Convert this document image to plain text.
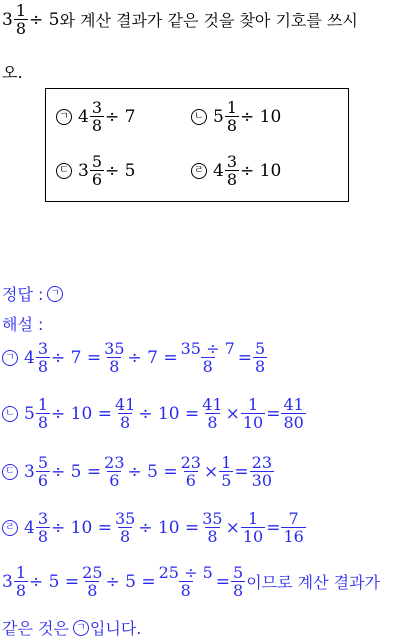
$3 \frac{1}{8} \div 5$ 와 계산 결과가 같은 것을 찾아 기호를 쓰시
오.
ㄱ $4 \frac{3}{8} \div 7$	ㄴ $5 \frac{1}{8} \div 10$
ㄷ $3 \frac{5}{6} \div 5$	ㄹ $4 \frac{3}{8} \div 10$
정답 : ㄱ
해설 :
ㄱ $4 \frac{3}{8} \div 7 = \frac{35}{8} \div 7 = \frac{35 \div 7}{8} = \frac{5}{8}$
ㄴ $5 \frac{1}{8} \div 10 = \frac{41}{8} \div 10 = \frac{41}{8} \times \frac{1}{10} = \frac{41}{80}$
ㄷ $3 \frac{5}{6} \div 5 = \frac{23}{6} \div 5 = \frac{23}{6} \times \frac{1}{5} = \frac{23}{30}$
ㄹ $4 \frac{3}{8} \div 10 = \frac{35}{8} \div 10 = \frac{35}{8} \times \frac{1}{10} = \frac{7}{16}$
$3 \frac{1}{8} \div 5 = \frac{25}{8} \div 5 = \frac{25 \div 5}{8} = \frac{5}{8}$ 이므로 계산 결과가
같은 것은 ㄱ 입니다.
